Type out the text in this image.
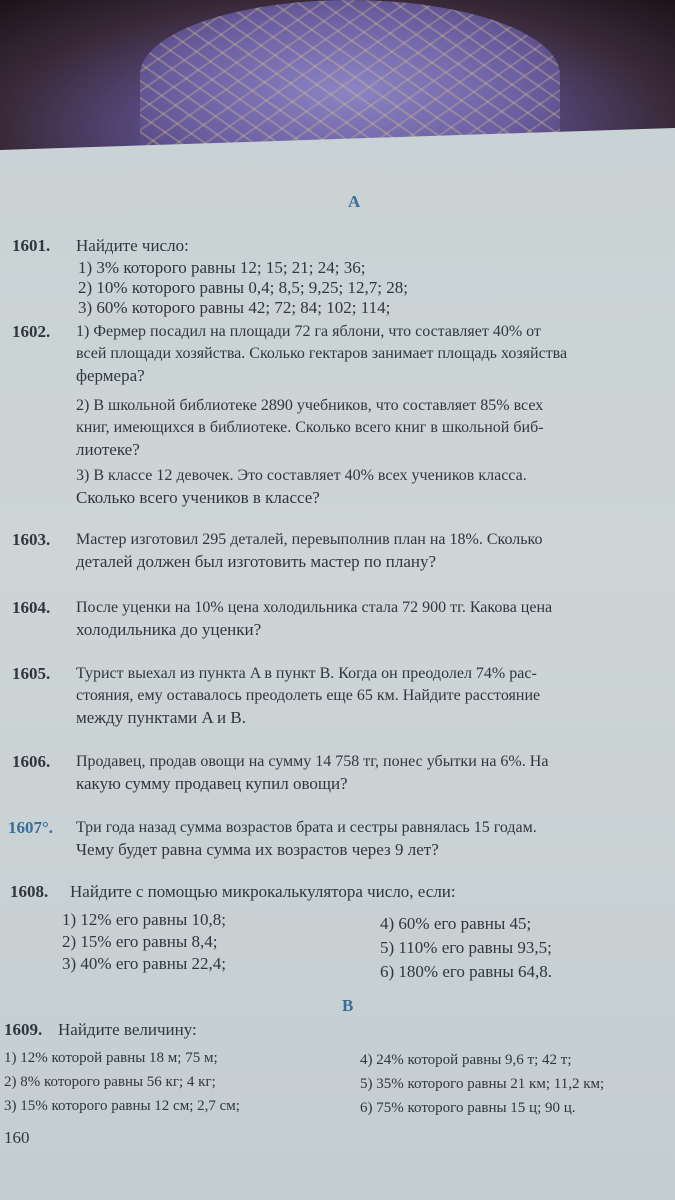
А
1601. Найдите число:
1) 3% которого равны 12; 15; 21; 24; 36;
2) 10% которого равны 0,4; 8,5; 9,25; 12,7; 28;
3) 60% которого равны 42; 72; 84; 102; 114;
1602. 1) Фермер посадил на площади 72 га яблони, что составляет 40% от
всей площади хозяйства. Сколько гектаров занимает площадь хозяйства
фермера?
2) В школьной библиотеке 2890 учебников, что составляет 85% всех
книг, имеющихся в библиотеке. Сколько всего книг в школьной биб-
лиотеке?
3) В классе 12 девочек. Это составляет 40% всех учеников класса.
Сколько всего учеников в классе?
1603. Мастер изготовил 295 деталей, перевыполнив план на 18%. Сколько
деталей должен был изготовить мастер по плану?
1604. После уценки на 10% цена холодильника стала 72 900 тг. Какова цена
холодильника до уценки?
1605. Турист выехал из пункта A в пункт B. Когда он преодолел 74% рас-
стояния, ему оставалось преодолеть еще 65 км. Найдите расстояние
между пунктами A и B.
1606. Продавец, продав овощи на сумму 14 758 тг, понес убытки на 6%. На
какую сумму продавец купил овощи?
1607°. Три года назад сумма возрастов брата и сестры равнялась 15 годам.
Чему будет равна сумма их возрастов через 9 лет?
1608. Найдите с помощью микрокалькулятора число, если:
1) 12% его равны 10,8;
2) 15% его равны 8,4;
3) 40% его равны 22,4;
4) 60% его равны 45;
5) 110% его равны 93,5;
6) 180% его равны 64,8.
В
1609. Найдите величину:
1) 12% которой равны 18 м; 75 м;
2) 8% которого равны 56 кг; 4 кг;
3) 15% которого равны 12 см; 2,7 см;
4) 24% которой равны 9,6 т; 42 т;
5) 35% которого равны 21 км; 11,2 км;
6) 75% которого равны 15 ц; 90 ц.
160
